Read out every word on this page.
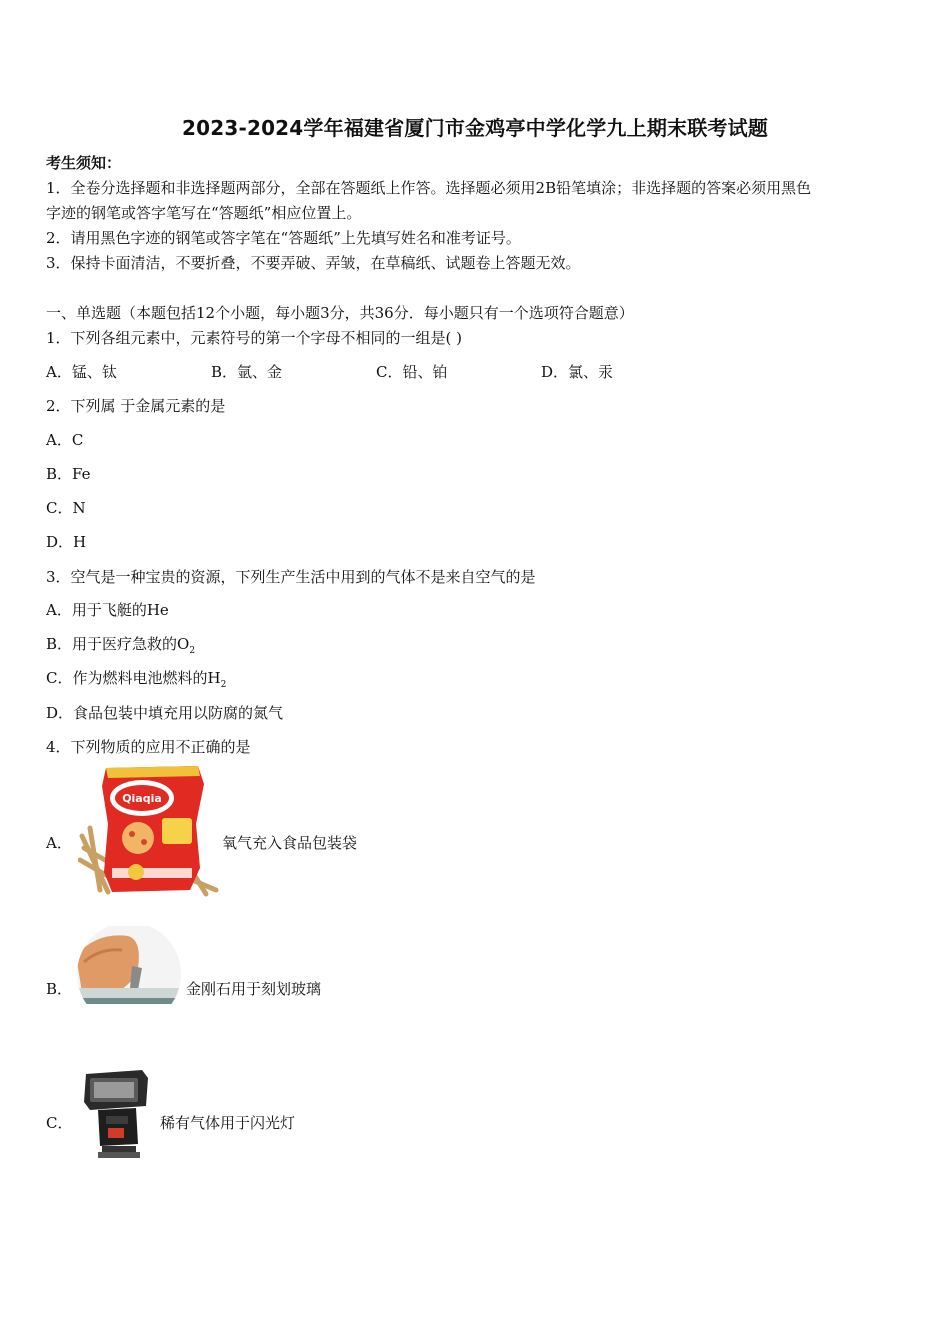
2023-2024学年福建省厦门市金鸡亭中学化学九上期末联考试题
考生须知：
1．全卷分选择题和非选择题两部分，全部在答题纸上作答。选择题必须用2B铅笔填涂；非选择题的答案必须用黑色
字迹的钢笔或答字笔写在“答题纸”相应位置上。
2．请用黑色字迹的钢笔或答字笔在“答题纸”上先填写姓名和准考证号。
3．保持卡面清洁，不要折叠，不要弄破、弄皱，在草稿纸、试题卷上答题无效。
一、单选题（本题包括12个小题，每小题3分，共36分．每小题只有一个选项符合题意）
1．下列各组元素中，元素符号的第一个字母不相同的一组是( )
A．锰、钛	B．氩、金	C．铅、铂	D．氯、汞
2．下列属 于金属元素的是
A．C
B．Fe
C．N
D．H
3．空气是一种宝贵的资源，下列生产生活中用到的气体不是来自空气的是
A．用于飞艇的He
B．用于医疗急救的$O_2$
C．作为燃料电池燃料的$H_2$
D．食品包装中填充用以防腐的氮气
4．下列物质的应用不正确的是
A．
Qiaqia
氧气充入食品包装袋
B．	金刚石用于刻划玻璃
C．	稀有气体用于闪光灯
